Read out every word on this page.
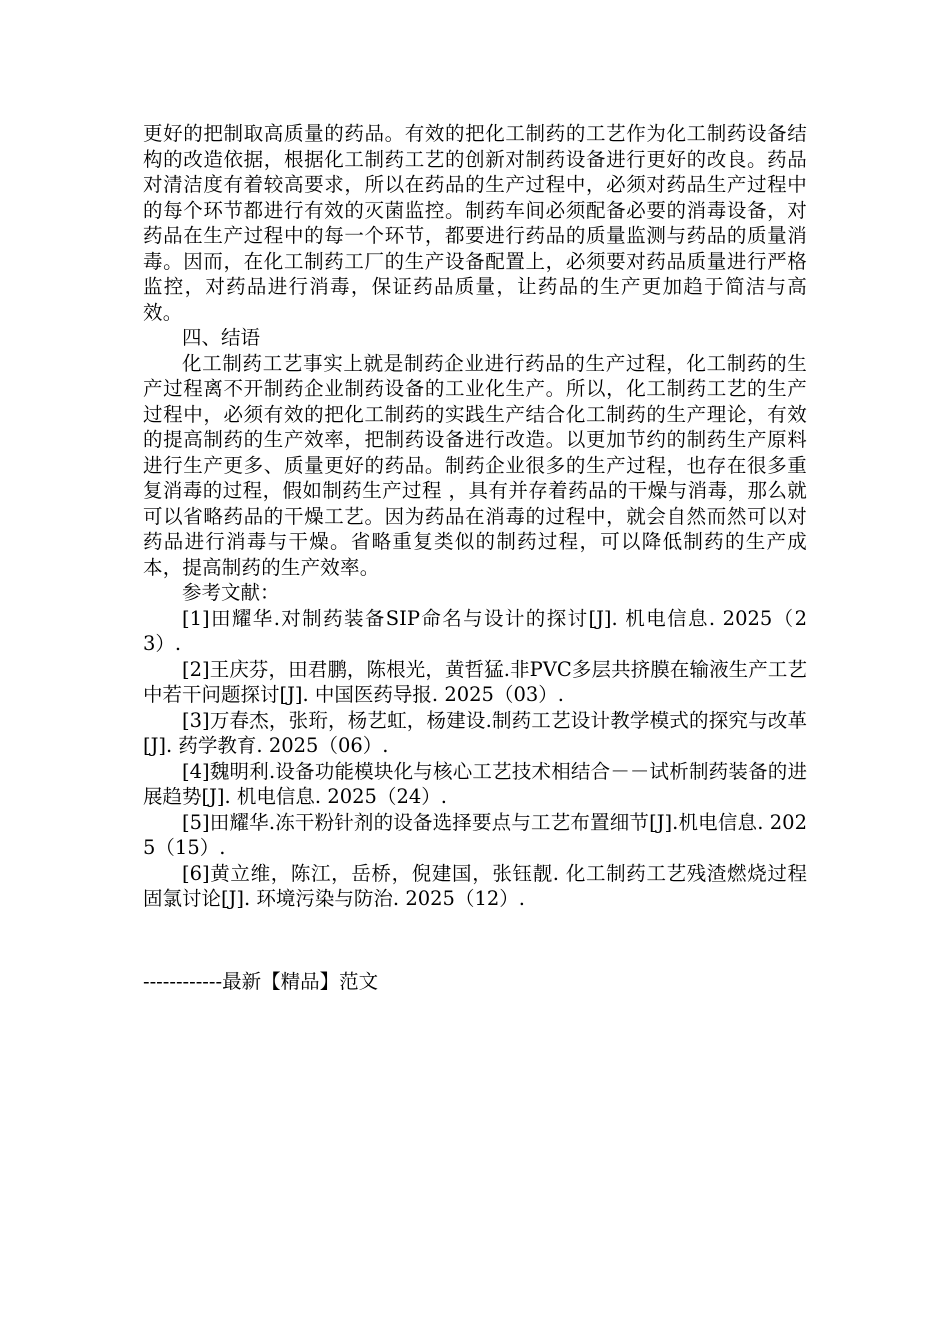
更好的把制取高质量的药品。有效的把化工制药的工艺作为化工制药设备结构的改造依据，根据化工制药工艺的创新对制药设备进行更好的改良。药品对清洁度有着较高要求，所以在药品的生产过程中，必须对药品生产过程中的每个环节都进行有效的灭菌监控。制药车间必须配备必要的消毒设备，对药品在生产过程中的每一个环节，都要进行药品的质量监测与药品的质量消毒。因而，在化工制药工厂的生产设备配置上，必须要对药品质量进行严格监控，对药品进行消毒，保证药品质量，让药品的生产更加趋于简洁与高效。

四、结语

化工制药工艺事实上就是制药企业进行药品的生产过程，化工制药的生产过程离不开制药企业制药设备的工业化生产。所以，化工制药工艺的生产过程中，必须有效的把化工制药的实践生产结合化工制药的生产理论，有效的提高制药的生产效率，把制药设备进行改造。以更加节约的制药生产原料进行生产更多、质量更好的药品。制药企业很多的生产过程，也存在很多重复消毒的过程，假如制药生产过程 ，具有并存着药品的干燥与消毒，那么就可以省略药品的干燥工艺。因为药品在消毒的过程中，就会自然而然可以对药品进行消毒与干燥。省略重复类似的制药过程，可以降低制药的生产成本，提高制药的生产效率。

参考文献：

[1]田耀华.对制药装备SIP命名与设计的探讨[J]. 机电信息. 2025（23）.

[2]王庆芬，田君鹏，陈根光，黄哲猛.非PVC多层共挤膜在输液生产工艺中若干问题探讨[J]. 中国医药导报. 2025（03）.

[3]万春杰，张珩，杨艺虹，杨建设.制药工艺设计教学模式的探究与改革[J]. 药学教育. 2025（06）.

[4]魏明利.设备功能模块化与核心工艺技术相结合－－试析制药装备的进展趋势[J]. 机电信息. 2025（24）.

[5]田耀华.冻干粉针剂的设备选择要点与工艺布置细节[J].机电信息. 2025（15）.

[6]黄立维，陈江，岳桥，倪建国，张钰靓. 化工制药工艺残渣燃烧过程固氯讨论[J]. 环境污染与防治. 2025（12）.

------------最新【精品】范文
